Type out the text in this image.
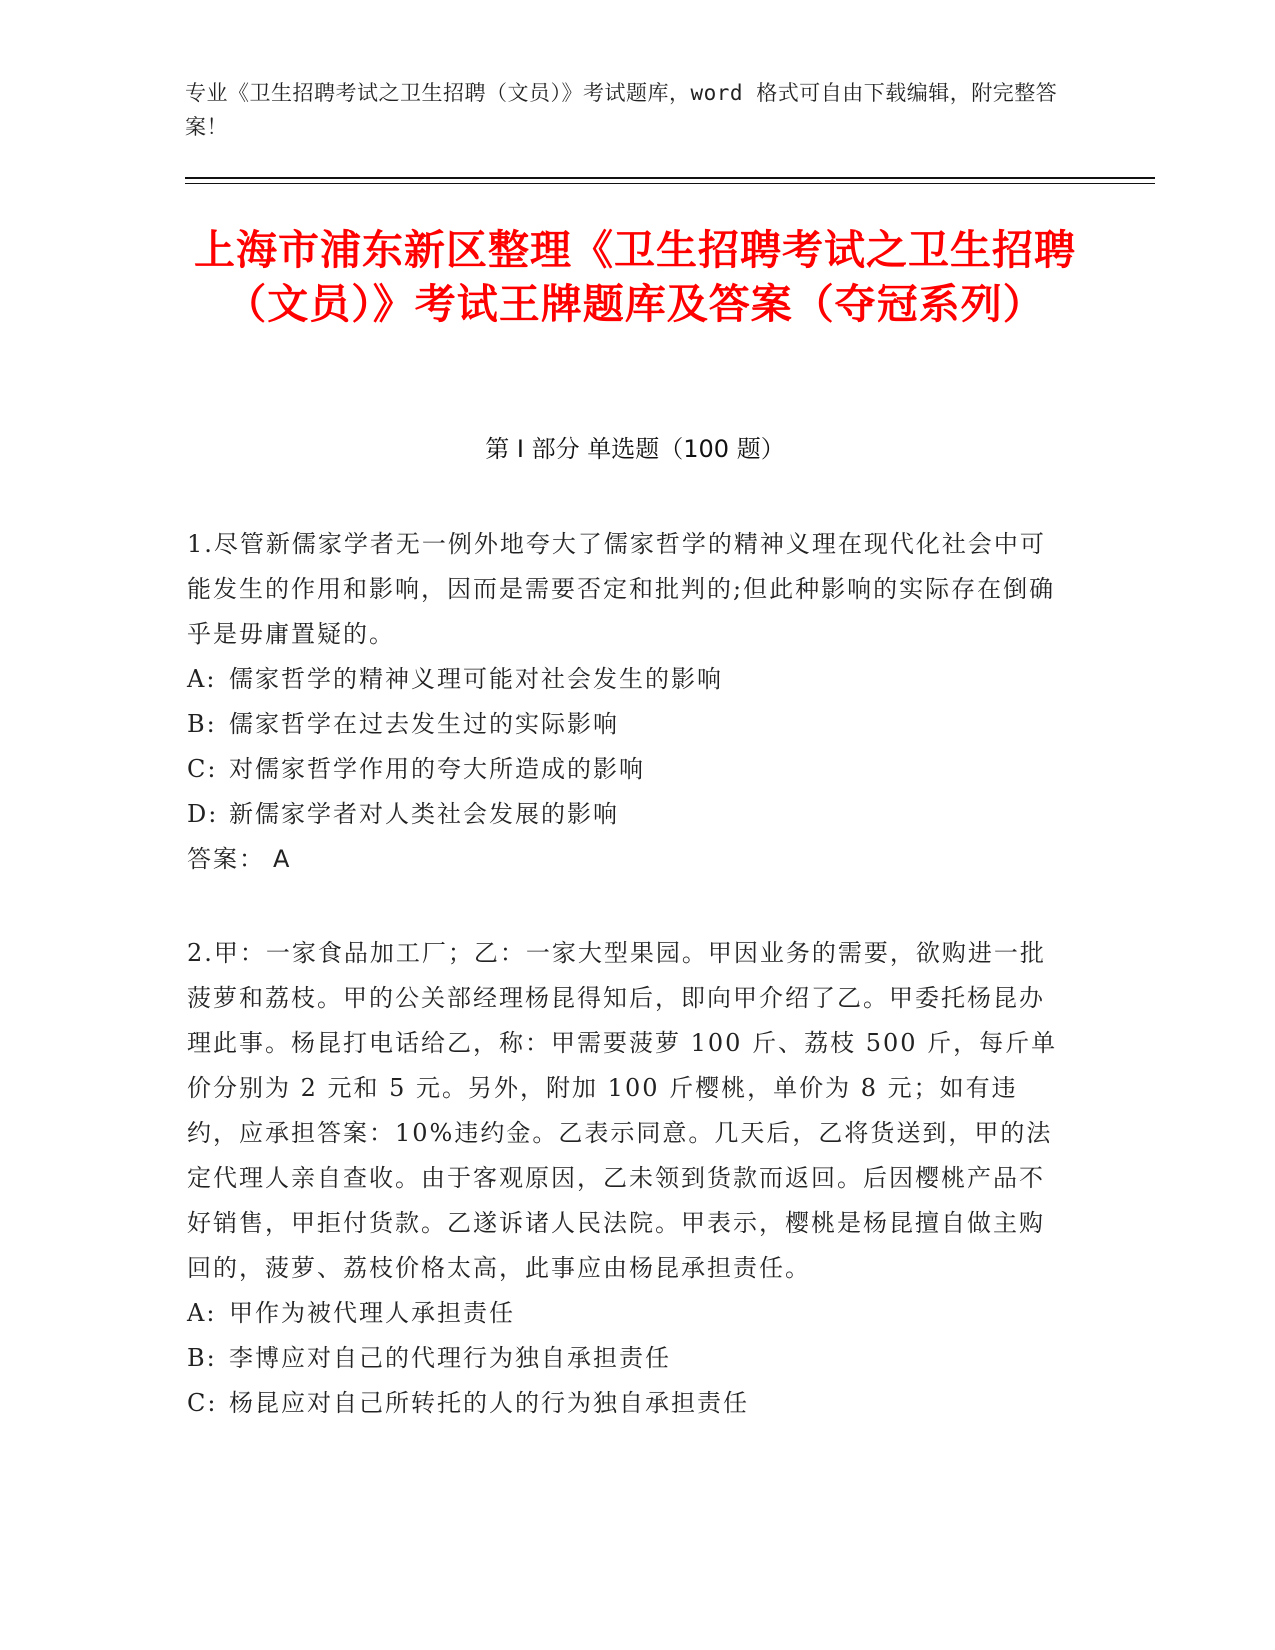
专业《卫生招聘考试之卫生招聘（文员）》考试题库，word 格式可自由下载编辑，附完整答案！
上海市浦东新区整理《卫生招聘考试之卫生招聘（文员）》考试王牌题库及答案（夺冠系列）
第 I 部分 单选题（100 题）

1.尽管新儒家学者无一例外地夸大了儒家哲学的精神义理在现代化社会中可能发生的作用和影响，因而是需要否定和批判的;但此种影响的实际存在倒确乎是毋庸置疑的。

A: 儒家哲学的精神义理可能对社会发生的影响

B: 儒家哲学在过去发生过的实际影响

C: 对儒家哲学作用的夸大所造成的影响

D: 新儒家学者对人类社会发展的影响

答案： A

2.甲：一家食品加工厂；乙：一家大型果园。甲因业务的需要，欲购进一批菠萝和荔枝。甲的公关部经理杨昆得知后，即向甲介绍了乙。甲委托杨昆办理此事。杨昆打电话给乙，称：甲需要菠萝 100 斤、荔枝 500 斤，每斤单价分别为 2 元和 5 元。另外，附加 100 斤樱桃，单价为 8 元；如有违约，应承担答案：10%违约金。乙表示同意。几天后，乙将货送到，甲的法定代理人亲自查收。由于客观原因，乙未领到货款而返回。后因樱桃产品不好销售，甲拒付货款。乙遂诉诸人民法院。甲表示，樱桃是杨昆擅自做主购回的，菠萝、荔枝价格太高，此事应由杨昆承担责任。

A: 甲作为被代理人承担责任

B: 李博应对自己的代理行为独自承担责任

C: 杨昆应对自己所转托的人的行为独自承担责任
